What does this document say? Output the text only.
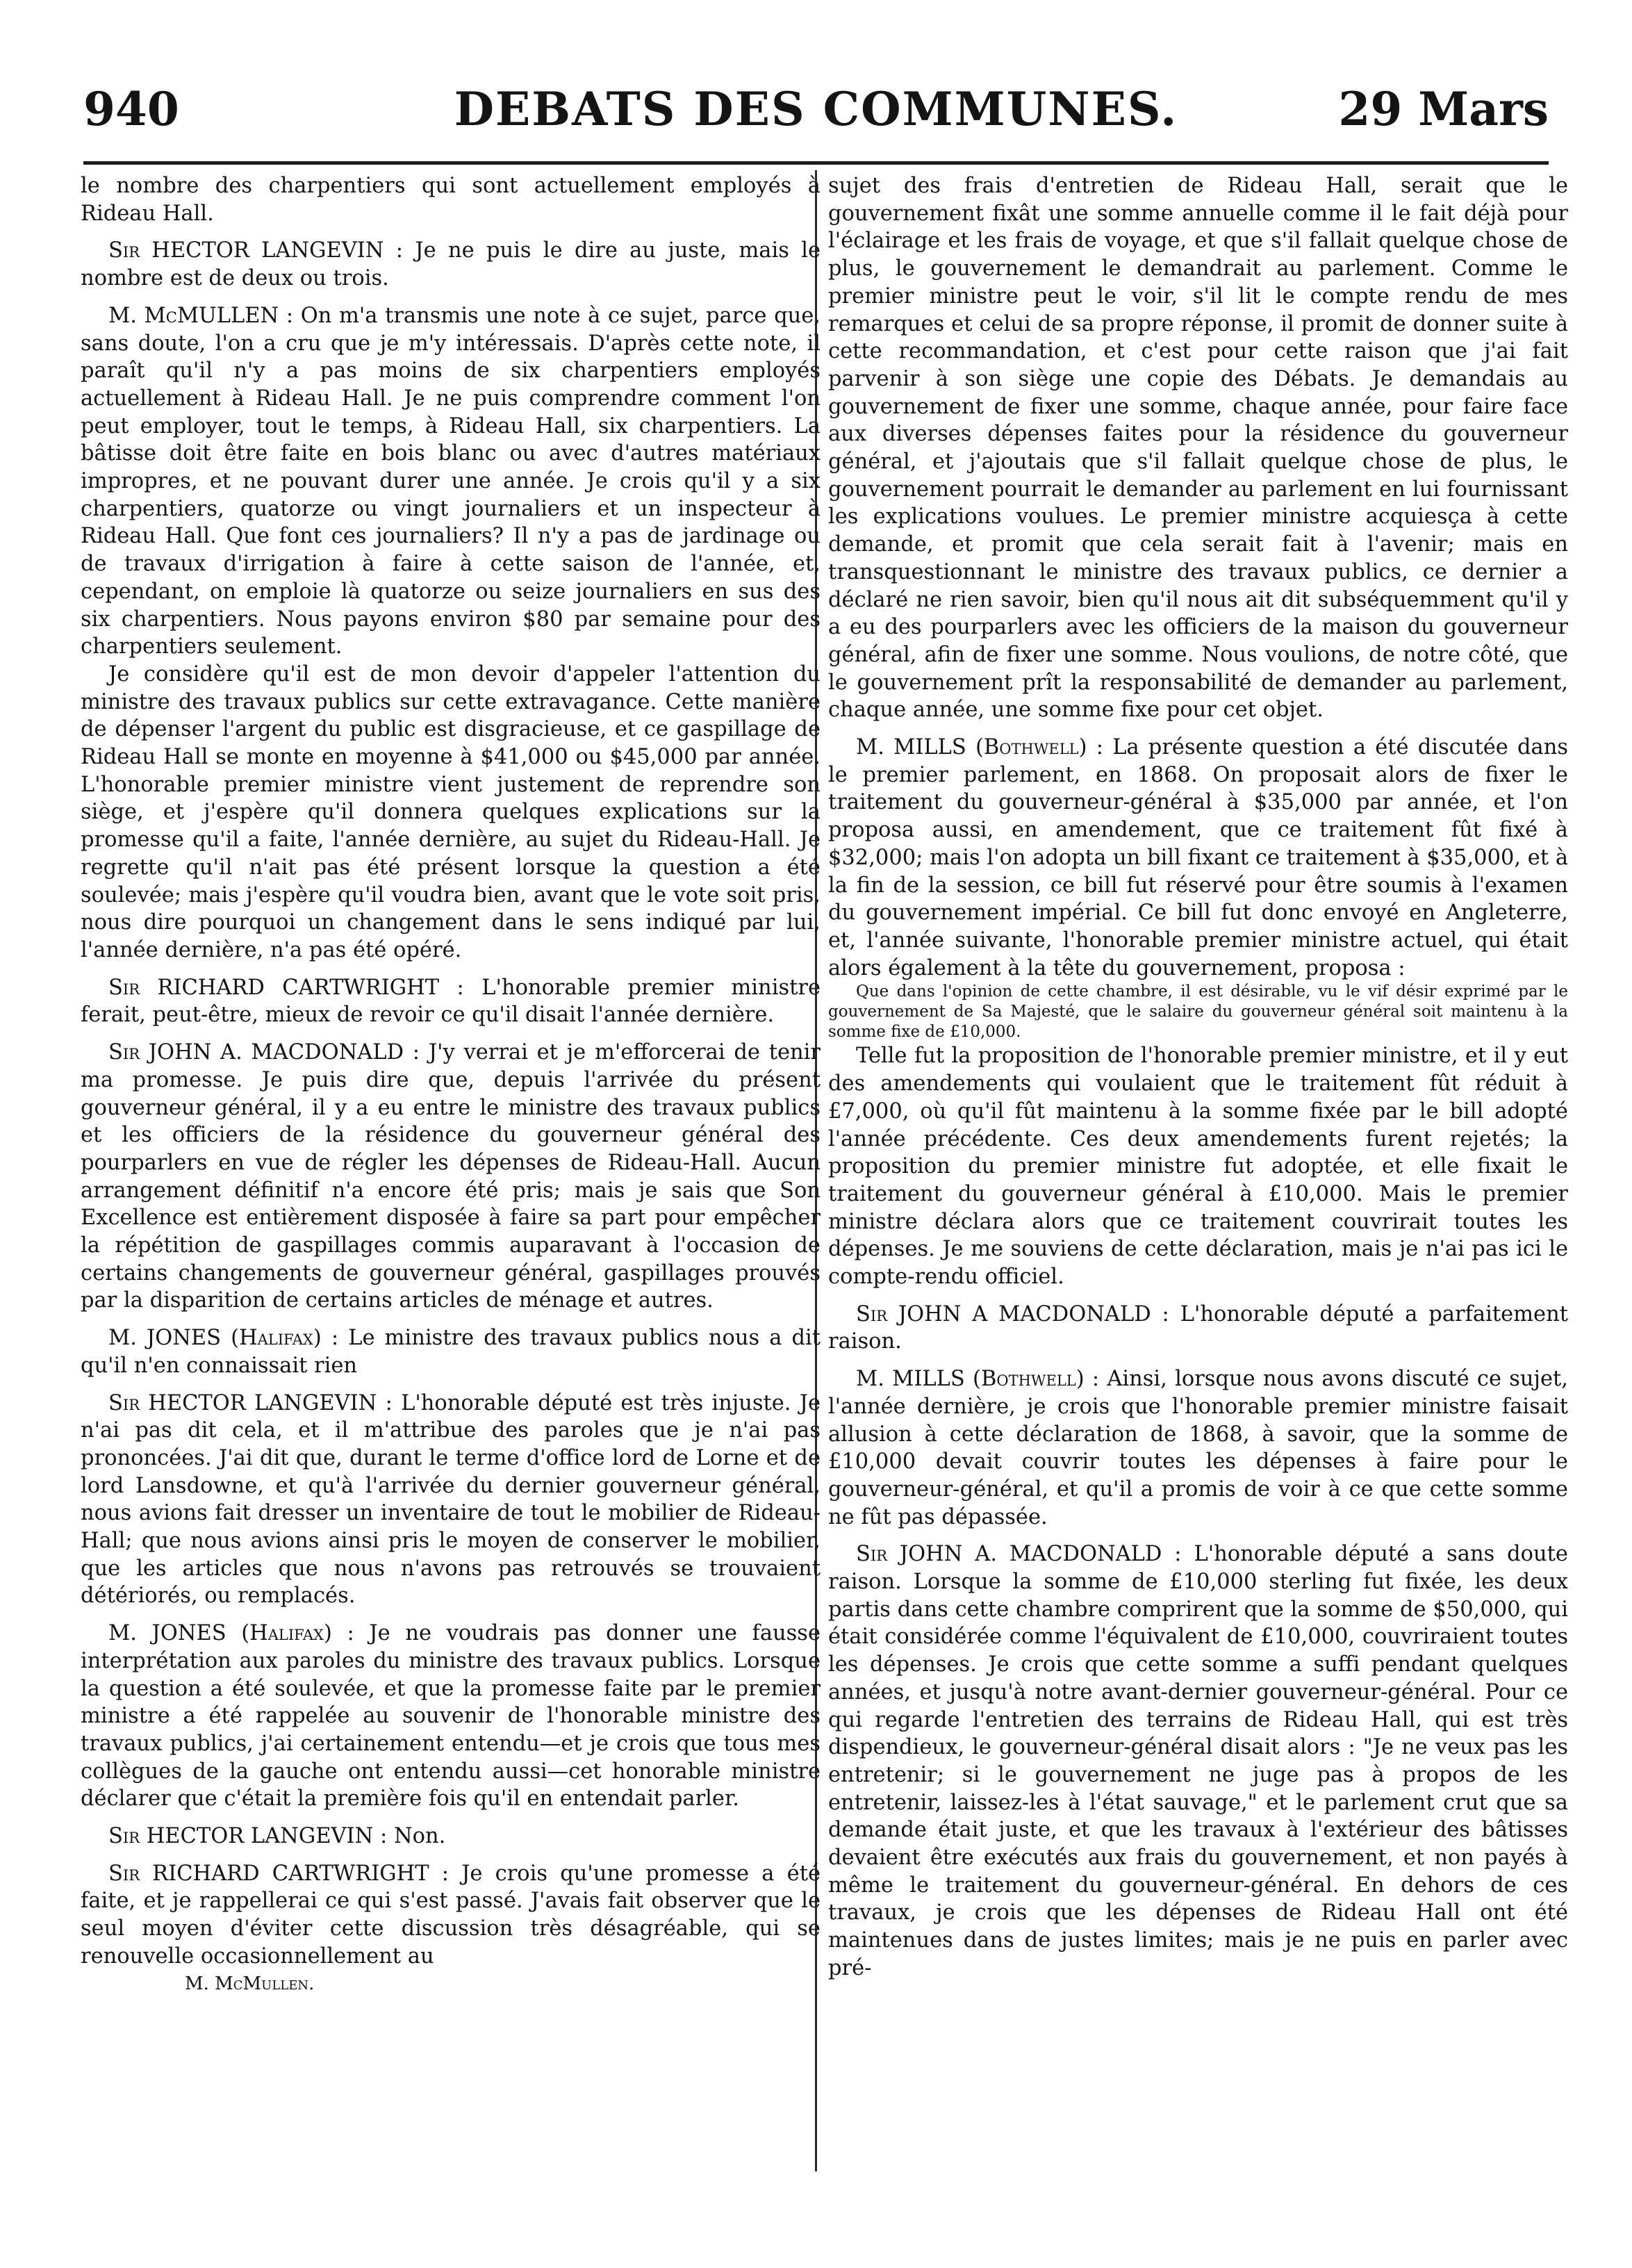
940	DEBATS DES COMMUNES.	29 Mars

le nombre des charpentiers qui sont actuellement employés à Rideau Hall.

Sir HECTOR LANGEVIN : Je ne puis le dire au juste, mais le nombre est de deux ou trois.

M. McMULLEN : On m'a transmis une note à ce sujet, parce que, sans doute, l'on a cru que je m'y intéressais. D'après cette note, il paraît qu'il n'y a pas moins de six charpentiers employés actuellement à Rideau Hall. Je ne puis comprendre comment l'on peut employer, tout le temps, à Rideau Hall, six charpentiers. La bâtisse doit être faite en bois blanc ou avec d'autres matériaux impropres, et ne pouvant durer une année. Je crois qu'il y a six charpentiers, quatorze ou vingt journaliers et un inspecteur à Rideau Hall. Que font ces journaliers? Il n'y a pas de jardinage ou de travaux d'irrigation à faire à cette saison de l'année, et, cependant, on emploie là quatorze ou seize journaliers en sus des six charpentiers. Nous payons environ $80 par semaine pour des charpentiers seulement.

Je considère qu'il est de mon devoir d'appeler l'attention du ministre des travaux publics sur cette extravagance. Cette manière de dépenser l'argent du public est disgracieuse, et ce gaspillage de Rideau Hall se monte en moyenne à $41,000 ou $45,000 par année. L'honorable premier ministre vient justement de reprendre son siège, et j'espère qu'il donnera quelques explications sur la promesse qu'il a faite, l'année dernière, au sujet du Rideau-Hall. Je regrette qu'il n'ait pas été présent lorsque la question a été soulevée; mais j'espère qu'il voudra bien, avant que le vote soit pris, nous dire pourquoi un changement dans le sens indiqué par lui, l'année dernière, n'a pas été opéré.

Sir RICHARD CARTWRIGHT : L'honorable premier ministre ferait, peut-être, mieux de revoir ce qu'il disait l'année dernière.

Sir JOHN A. MACDONALD : J'y verrai et je m'efforcerai de tenir ma promesse. Je puis dire que, depuis l'arrivée du présent gouverneur général, il y a eu entre le ministre des travaux publics et les officiers de la résidence du gouverneur général des pourparlers en vue de régler les dépenses de Rideau-Hall. Aucun arrangement définitif n'a encore été pris; mais je sais que Son Excellence est entièrement disposée à faire sa part pour empêcher la répétition de gaspillages commis auparavant à l'occasion de certains changements de gouverneur général, gaspillages prouvés par la disparition de certains articles de ménage et autres.

M. JONES (Halifax) : Le ministre des travaux publics nous a dit qu'il n'en connaissait rien

Sir HECTOR LANGEVIN : L'honorable député est très injuste. Je n'ai pas dit cela, et il m'attribue des paroles que je n'ai pas prononcées. J'ai dit que, durant le terme d'office lord de Lorne et de lord Lansdowne, et qu'à l'arrivée du dernier gouverneur général, nous avions fait dresser un inventaire de tout le mobilier de Rideau-Hall; que nous avions ainsi pris le moyen de conserver le mobilier, que les articles que nous n'avons pas retrouvés se trouvaient détériorés, ou remplacés.

M. JONES (Halifax) : Je ne voudrais pas donner une fausse interprétation aux paroles du ministre des travaux publics. Lorsque la question a été soulevée, et que la promesse faite par le premier ministre a été rappelée au souvenir de l'honorable ministre des travaux publics, j'ai certainement entendu—et je crois que tous mes collègues de la gauche ont entendu aussi—cet honorable ministre déclarer que c'était la première fois qu'il en entendait parler.

Sir HECTOR LANGEVIN : Non.

Sir RICHARD CARTWRIGHT : Je crois qu'une promesse a été faite, et je rappellerai ce qui s'est passé. J'avais fait observer que le seul moyen d'éviter cette discussion très désagréable, qui se renouvelle occasionnellement au

M. McMullen.

sujet des frais d'entretien de Rideau Hall, serait que le gouvernement fixât une somme annuelle comme il le fait déjà pour l'éclairage et les frais de voyage, et que s'il fallait quelque chose de plus, le gouvernement le demandrait au parlement. Comme le premier ministre peut le voir, s'il lit le compte rendu de mes remarques et celui de sa propre réponse, il promit de donner suite à cette recommandation, et c'est pour cette raison que j'ai fait parvenir à son siège une copie des Débats. Je demandais au gouvernement de fixer une somme, chaque année, pour faire face aux diverses dépenses faites pour la résidence du gouverneur général, et j'ajoutais que s'il fallait quelque chose de plus, le gouvernement pourrait le demander au parlement en lui fournissant les explications voulues. Le premier ministre acquiesça à cette demande, et promit que cela serait fait à l'avenir; mais en transquestionnant le ministre des travaux publics, ce dernier a déclaré ne rien savoir, bien qu'il nous ait dit subséquemment qu'il y a eu des pourparlers avec les officiers de la maison du gouverneur général, afin de fixer une somme. Nous voulions, de notre côté, que le gouvernement prît la responsabilité de demander au parlement, chaque année, une somme fixe pour cet objet.

M. MILLS (Bothwell) : La présente question a été discutée dans le premier parlement, en 1868. On proposait alors de fixer le traitement du gouverneur-général à $35,000 par année, et l'on proposa aussi, en amendement, que ce traitement fût fixé à $32,000; mais l'on adopta un bill fixant ce traitement à $35,000, et à la fin de la session, ce bill fut réservé pour être soumis à l'examen du gouvernement impérial. Ce bill fut donc envoyé en Angleterre, et, l'année suivante, l'honorable premier ministre actuel, qui était alors également à la tête du gouvernement, proposa :

Que dans l'opinion de cette chambre, il est désirable, vu le vif désir exprimé par le gouvernement de Sa Majesté, que le salaire du gouverneur général soit maintenu à la somme fixe de £10,000.

Telle fut la proposition de l'honorable premier ministre, et il y eut des amendements qui voulaient que le traitement fût réduit à £7,000, où qu'il fût maintenu à la somme fixée par le bill adopté l'année précédente. Ces deux amendements furent rejetés; la proposition du premier ministre fut adoptée, et elle fixait le traitement du gouverneur général à £10,000. Mais le premier ministre déclara alors que ce traitement couvrirait toutes les dépenses. Je me souviens de cette déclaration, mais je n'ai pas ici le compte-rendu officiel.

Sir JOHN A MACDONALD : L'honorable député a parfaitement raison.

M. MILLS (Bothwell) : Ainsi, lorsque nous avons discuté ce sujet, l'année dernière, je crois que l'honorable premier ministre faisait allusion à cette déclaration de 1868, à savoir, que la somme de £10,000 devait couvrir toutes les dépenses à faire pour le gouverneur-général, et qu'il a promis de voir à ce que cette somme ne fût pas dépassée.

Sir JOHN A. MACDONALD : L'honorable député a sans doute raison. Lorsque la somme de £10,000 sterling fut fixée, les deux partis dans cette chambre comprirent que la somme de $50,000, qui était considérée comme l'équivalent de £10,000, couvriraient toutes les dépenses. Je crois que cette somme a suffi pendant quelques années, et jusqu'à notre avant-dernier gouverneur-général. Pour ce qui regarde l'entretien des terrains de Rideau Hall, qui est très dispendieux, le gouverneur-général disait alors : "Je ne veux pas les entretenir; si le gouvernement ne juge pas à propos de les entretenir, laissez-les à l'état sauvage," et le parlement crut que sa demande était juste, et que les travaux à l'extérieur des bâtisses devaient être exécutés aux frais du gouvernement, et non payés à même le traitement du gouverneur-général. En dehors de ces travaux, je crois que les dépenses de Rideau Hall ont été maintenues dans de justes limites; mais je ne puis en parler avec pré-
